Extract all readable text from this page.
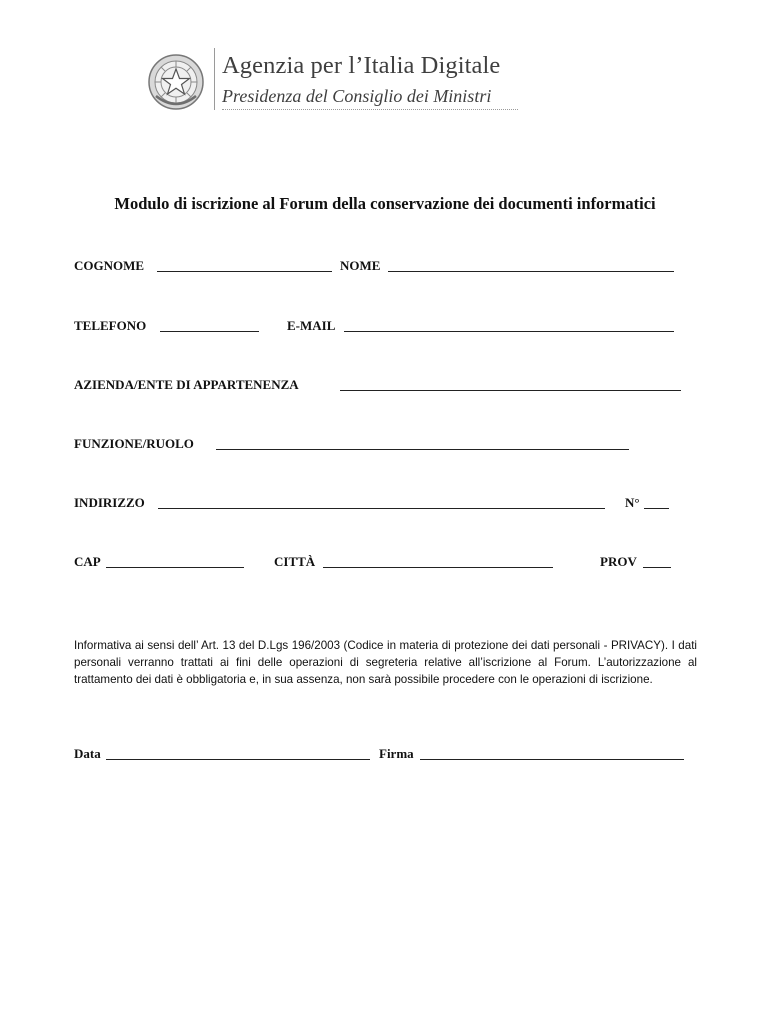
Agenzia per l’Italia Digitale
Presidenza del Consiglio dei Ministri
Modulo di iscrizione al Forum della conservazione dei documenti informatici
COGNOME	NOME
TELEFONO	E-MAIL
AZIENDA/ENTE DI APPARTENENZA
FUNZIONE/RUOLO
INDIRIZZO	N°
CAP	CITTÀ	PROV
Informativa ai sensi dell’ Art. 13 del D.Lgs 196/2003 (Codice in materia di protezione dei dati personali - PRIVACY). I dati personali verranno trattati ai fini delle operazioni di segreteria relative all’iscrizione al Forum. L’autorizzazione al trattamento dei dati è obbligatoria e, in sua assenza, non sarà possibile procedere con le operazioni di iscrizione.
Data	Firma
